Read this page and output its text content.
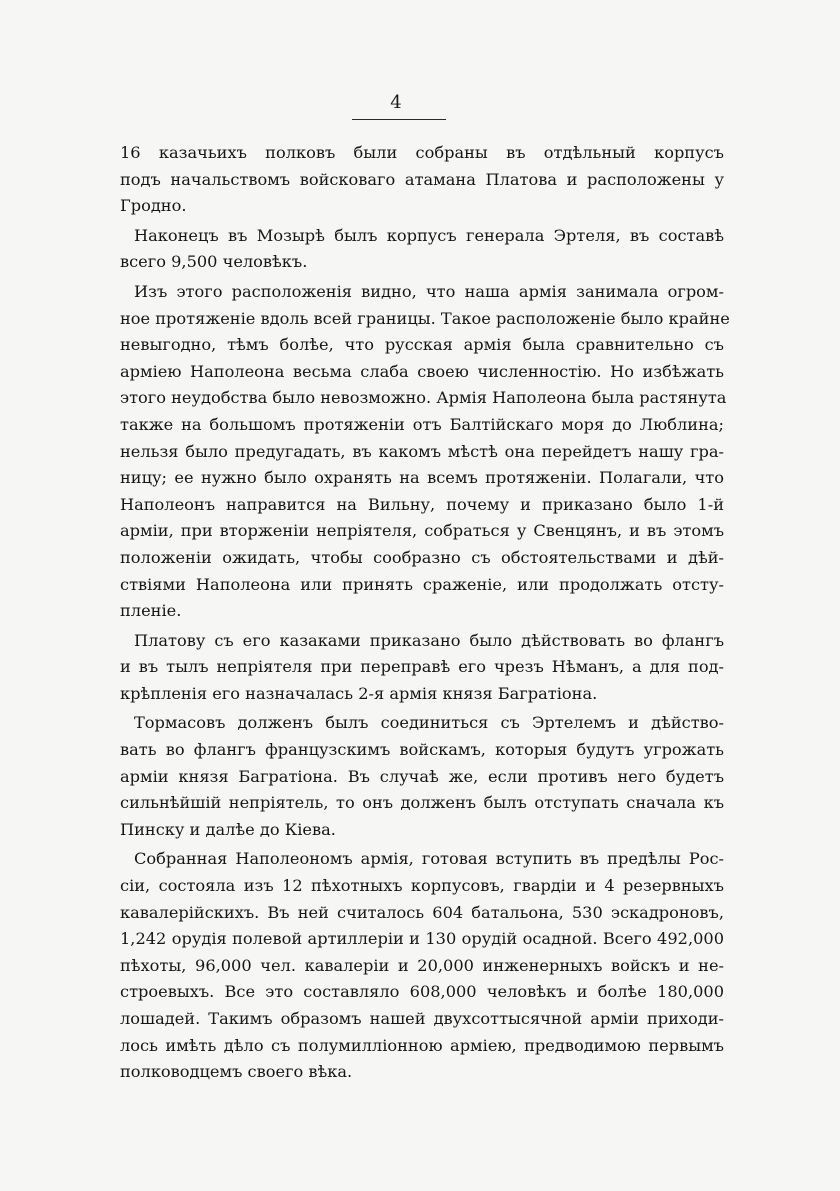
4
16 казачьихъ полковъ были собраны въ отдѣльный корпусъ
подъ начальствомъ войсковаго атамана Платова и расположены у
Гродно.
Наконецъ въ Мозырѣ былъ корпусъ генерала Эртеля, въ составѣ
всего 9,500 человѣкъ.
Изъ этого расположенія видно, что наша армія занимала огром-
ное протяженіе вдоль всей границы. Такое расположеніе было крайне
невыгодно, тѣмъ болѣе, что русская армія была сравнительно съ
арміею Наполеона весьма слаба своею численностію. Но избѣжать
этого неудобства было невозможно. Армія Наполеона была растянута
также на большомъ протяженіи отъ Балтійскаго моря до Люблина;
нельзя было предугадать, въ какомъ мѣстѣ она перейдетъ нашу гра-
ницу; ее нужно было охранять на всемъ протяженіи. Полагали, что
Наполеонъ направится на Вильну, почему и приказано было 1-й
арміи, при вторженіи непріятеля, собраться у Свенцянъ, и въ этомъ
положеніи ожидать, чтобы сообразно съ обстоятельствами и дѣй-
ствіями Наполеона или принять сраженіе, или продолжать отсту-
пленіе.
Платову съ его казаками приказано было дѣйствовать во флангъ
и въ тылъ непріятеля при переправѣ его чрезъ Нѣманъ, а для под-
крѣпленія его назначалась 2-я армія князя Багратіона.
Тормасовъ долженъ былъ соединиться съ Эртелемъ и дѣйство-
вать во флангъ французскимъ войскамъ, которыя будутъ угрожать
арміи князя Багратіона. Въ случаѣ же, если противъ него будетъ
сильнѣйшій непріятель, то онъ долженъ былъ отступать сначала къ
Пинску и далѣе до Кіева.
Собранная Наполеономъ армія, готовая вступить въ предѣлы Рос-
сіи, состояла изъ 12 пѣхотныхъ корпусовъ, гвардіи и 4 резервныхъ
кавалерійскихъ. Въ ней считалось 604 батальона, 530 эскадроновъ,
1,242 орудія полевой артиллеріи и 130 орудій осадной. Всего 492,000
пѣхоты, 96,000 чел. кавалеріи и 20,000 инженерныхъ войскъ и не-
строевыхъ. Все это составляло 608,000 человѣкъ и болѣе 180,000
лошадей. Такимъ образомъ нашей двухсоттысячной арміи приходи-
лось имѣть дѣло съ полумилліонною арміею, предводимою первымъ
полководцемъ своего вѣка.
